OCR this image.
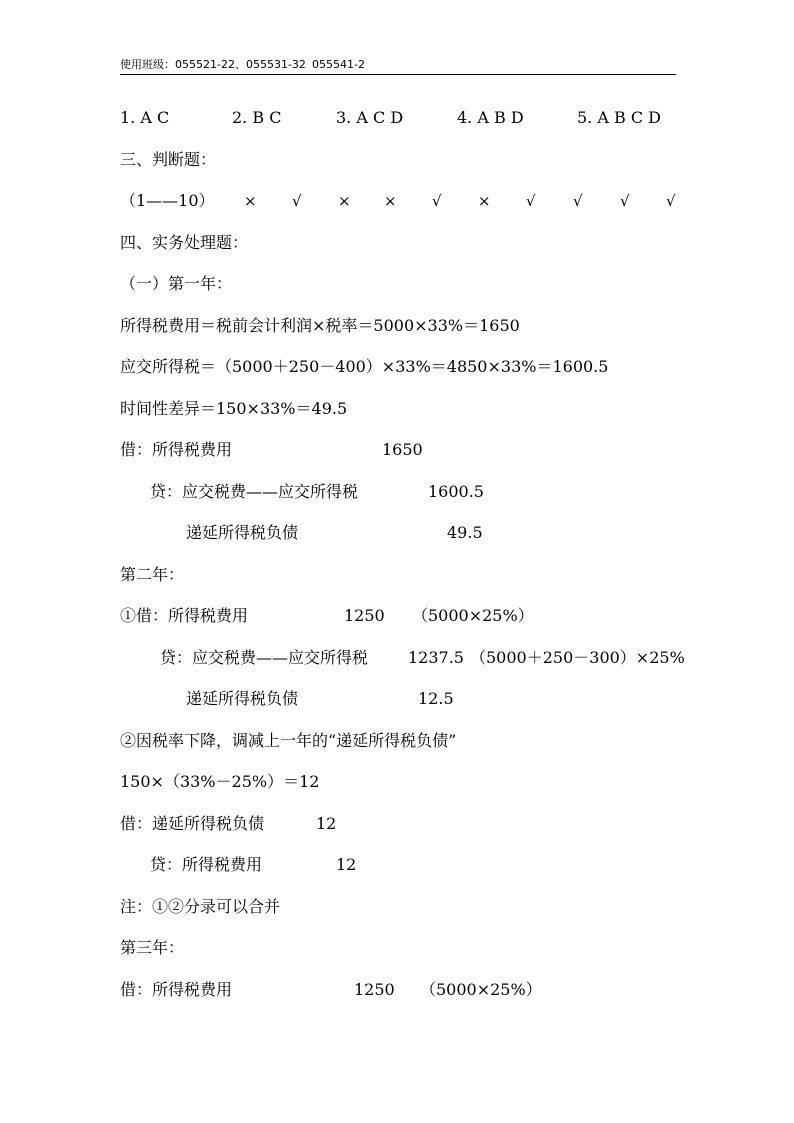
使用班级：055521-22、055531-32 055541-2
1. A C	2. B C	3. A C D	4. A B D	5. A B C D
三、判断题：
（1——10） × √ × × √ × √ √ √ √
四、实务处理题：
（一）第一年：
所得税费用＝税前会计利润×税率＝5000×33%＝1650
应交所得税＝（5000＋250－400）×33%＝4850×33%＝1600.5
时间性差异＝150×33%＝49.5
借：所得税费用	1650
贷：应交税费——应交所得税	1600.5
递延所得税负债	49.5
第二年：
①借：所得税费用	1250 （5000×25%）
贷：应交税费——应交所得税 1237.5 （5000＋250－300）×25%
递延所得税负债	12.5
②因税率下降，调减上一年的“递延所得税负债”
150×（33%－25%）＝12
借：递延所得税负债	12
贷：所得税费用	12
注：①②分录可以合并
第三年：
借：所得税费用	1250 （5000×25%）
